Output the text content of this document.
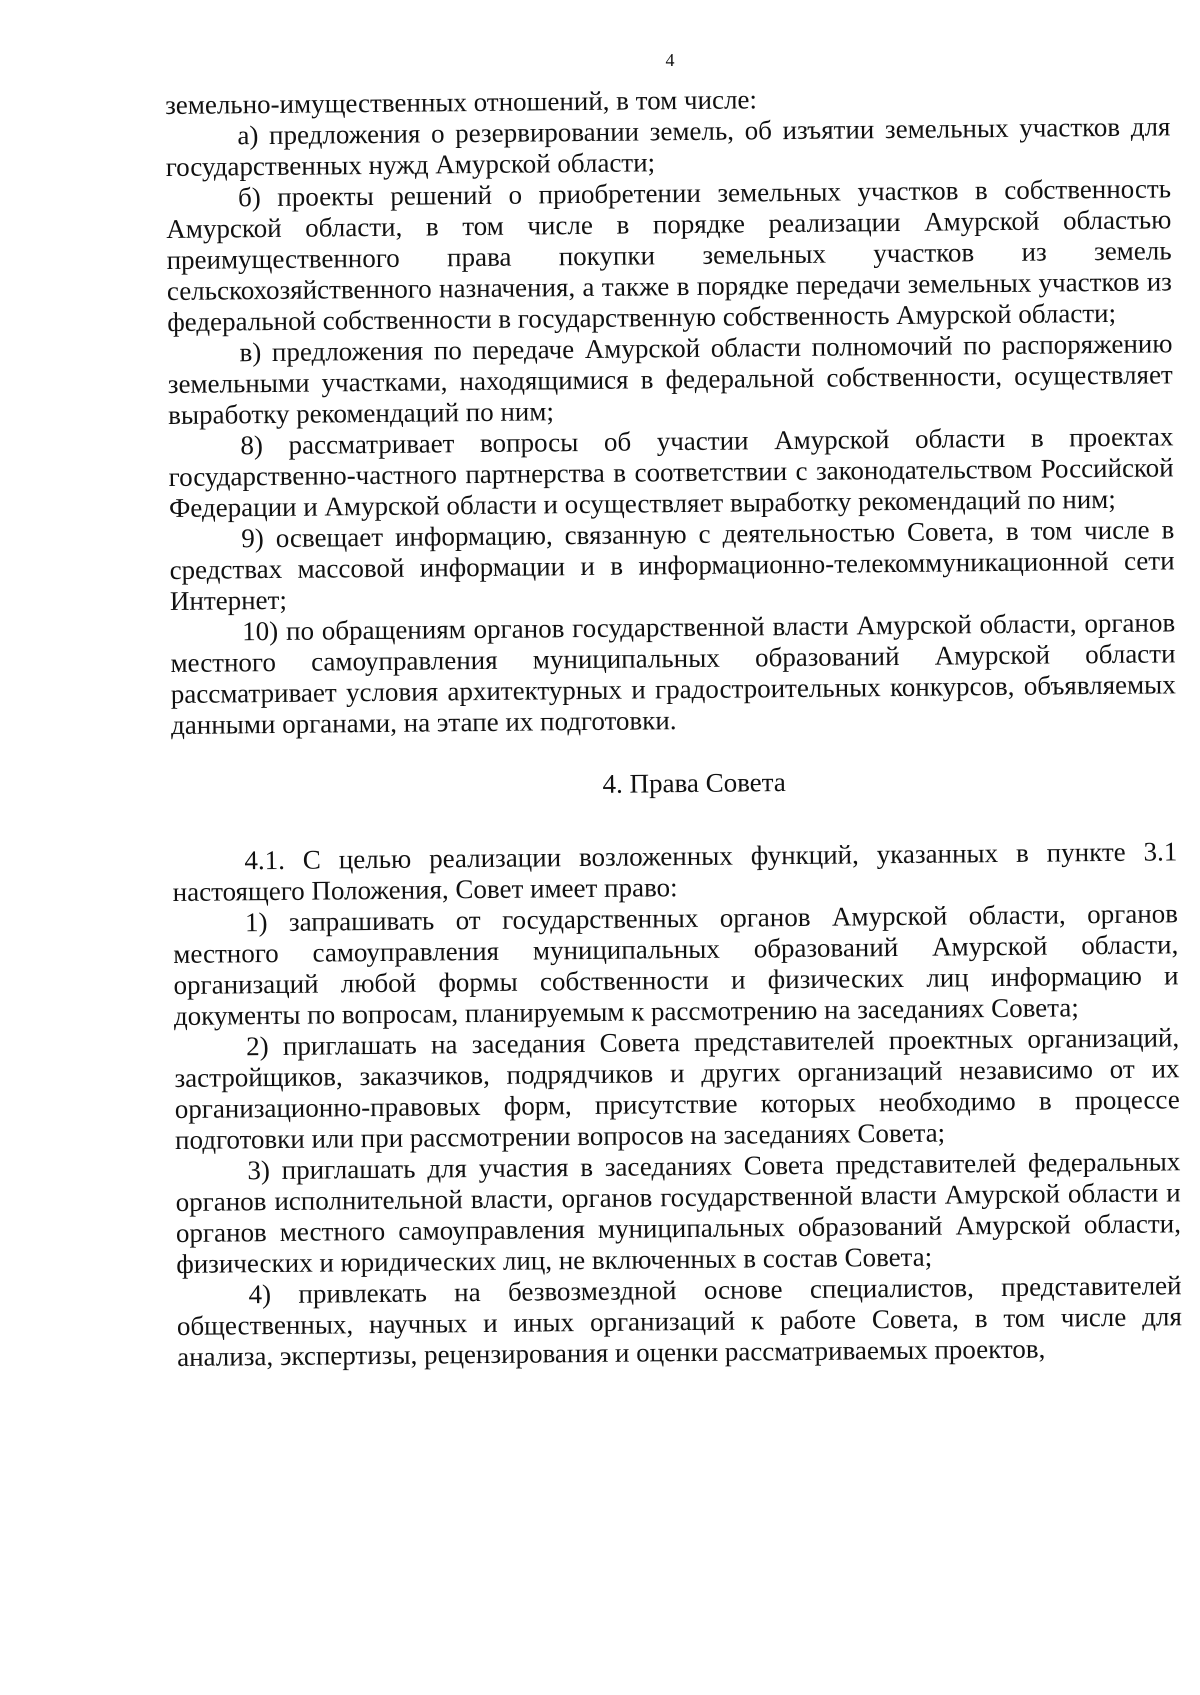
4

земельно-имущественных отношений, в том числе:

а) предложения о резервировании земель, об изъятии земельных участков для государственных нужд Амурской области;

б) проекты решений о приобретении земельных участков в собственность Амурской области, в том числе в порядке реализации Амурской областью преимущественного права покупки земельных участков из земель сельскохозяйственного назначения, а также в порядке передачи земельных участков из федеральной собственности в государственную собственность Амурской области;

в) предложения по передаче Амурской области полномочий по распоряжению земельными участками, находящимися в федеральной собственности, осуществляет выработку рекомендаций по ним;

8) рассматривает вопросы об участии Амурской области в проектах государственно-частного партнерства в соответствии с законодательством Российской Федерации и Амурской области и осуществляет выработку рекомендаций по ним;

9) освещает информацию, связанную с деятельностью Совета, в том числе в средствах массовой информации и в информационно-телекоммуникационной сети Интернет;

10) по обращениям органов государственной власти Амурской области, органов местного самоуправления муниципальных образований Амурской области рассматривает условия архитектурных и градостроительных конкурсов, объявляемых данными органами, на этапе их подготовки.

4. Права Совета

4.1. С целью реализации возложенных функций, указанных в пункте 3.1 настоящего Положения, Совет имеет право:

1) запрашивать от государственных органов Амурской области, органов местного самоуправления муниципальных образований Амурской области, организаций любой формы собственности и физических лиц информацию и документы по вопросам, планируемым к рассмотрению на заседаниях Совета;

2) приглашать на заседания Совета представителей проектных организаций, застройщиков, заказчиков, подрядчиков и других организаций независимо от их организационно-правовых форм, присутствие которых необходимо в процессе подготовки или при рассмотрении вопросов на заседаниях Совета;

3) приглашать для участия в заседаниях Совета представителей федеральных органов исполнительной власти, органов государственной власти Амурской области и органов местного самоуправления муниципальных образований Амурской области, физических и юридических лиц, не включенных в состав Совета;

4) привлекать на безвозмездной основе специалистов, представителей общественных, научных и иных организаций к работе Совета, в том числе для анализа, экспертизы, рецензирования и оценки рассматриваемых проектов,
